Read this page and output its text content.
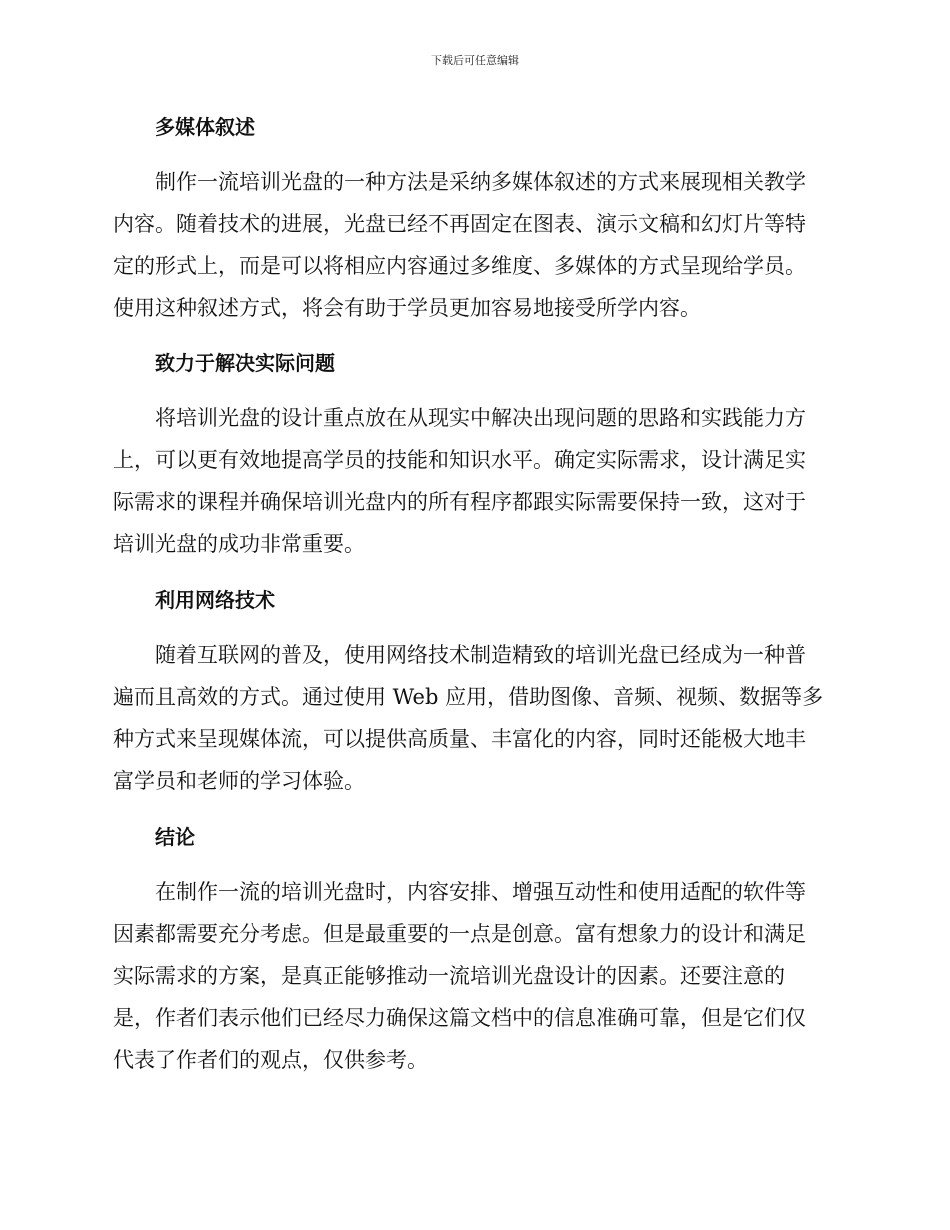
下载后可任意编辑
多媒体叙述
制作一流培训光盘的一种方法是采纳多媒体叙述的方式来展现相关教学
内容。随着技术的进展，光盘已经不再固定在图表、演示文稿和幻灯片等特
定的形式上，而是可以将相应内容通过多维度、多媒体的方式呈现给学员。
使用这种叙述方式，将会有助于学员更加容易地接受所学内容。
致力于解决实际问题
将培训光盘的设计重点放在从现实中解决出现问题的思路和实践能力方
上，可以更有效地提高学员的技能和知识水平。确定实际需求，设计满足实
际需求的课程并确保培训光盘内的所有程序都跟实际需要保持一致，这对于
培训光盘的成功非常重要。
利用网络技术
随着互联网的普及，使用网络技术制造精致的培训光盘已经成为一种普
遍而且高效的方式。通过使用 Web 应用，借助图像、音频、视频、数据等多
种方式来呈现媒体流，可以提供高质量、丰富化的内容，同时还能极大地丰
富学员和老师的学习体验。
结论
在制作一流的培训光盘时，内容安排、增强互动性和使用适配的软件等
因素都需要充分考虑。但是最重要的一点是创意。富有想象力的设计和满足
实际需求的方案，是真正能够推动一流培训光盘设计的因素。还要注意的
是，作者们表示他们已经尽力确保这篇文档中的信息准确可靠，但是它们仅
代表了作者们的观点，仅供参考。
